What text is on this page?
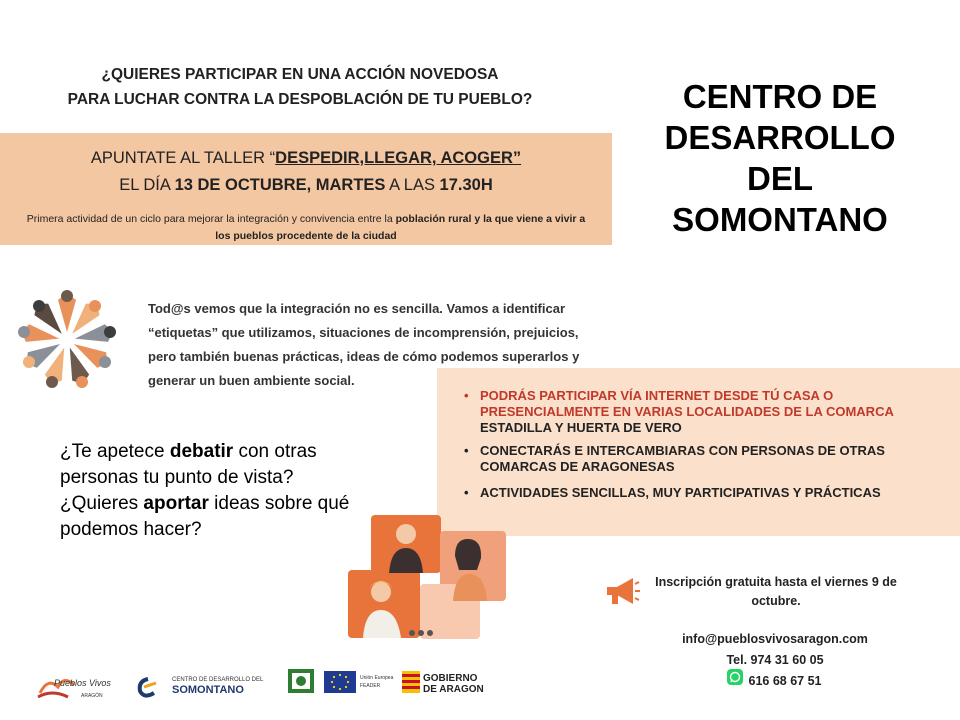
¿QUIERES PARTICIPAR EN UNA ACCIÓN NOVEDOSA
PARA LUCHAR CONTRA LA DESPOBLACIÓN DE TU PUEBLO?
APUNTATE AL TALLER “DESPEDIR,LLEGAR, ACOGER”
EL DÍA 13 DE OCTUBRE, MARTES A LAS 17.30H
Primera actividad de un ciclo para mejorar la integración y convivencia entre la población rural y la que viene a vivir a los pueblos procedente de la ciudad
CENTRO DE
DESARROLLO
DEL
SOMONTANO
Tod@s vemos que la integración no es sencilla. Vamos a identificar
“etiquetas” que utilizamos, situaciones de incomprensión, prejuicios,
pero también buenas prácticas, ideas de cómo podemos superarlos y
generar un buen ambiente social.
• PODRÁS PARTICIPAR VÍA INTERNET DESDE TÚ CASA O
PRESENCIALMENTE EN VARIAS LOCALIDADES DE LA COMARCA
ESTADILLA Y HUERTA DE VERO
• CONECTARÁS E INTERCAMBIARAS CON PERSONAS DE OTRAS
COMARCAS DE ARAGONESAS
• ACTIVIDADES SENCILLAS, MUY PARTICIPATIVAS Y PRÁCTICAS
¿Te apetece debatir con otras personas tu punto de vista?
¿Quieres aportar ideas sobre qué podemos hacer?
Inscripción gratuita hasta el viernes 9 de
octubre.
info@pueblosvivosaragon.com
Tel. 974 31 60 05
616 68 67 51
Pueblos Vivos
ARAGÓN
CENTRO DE DESARROLLO DEL
SOMONTANO
Unión Europea
FEADER
GOBIERNO
DE ARAGON
